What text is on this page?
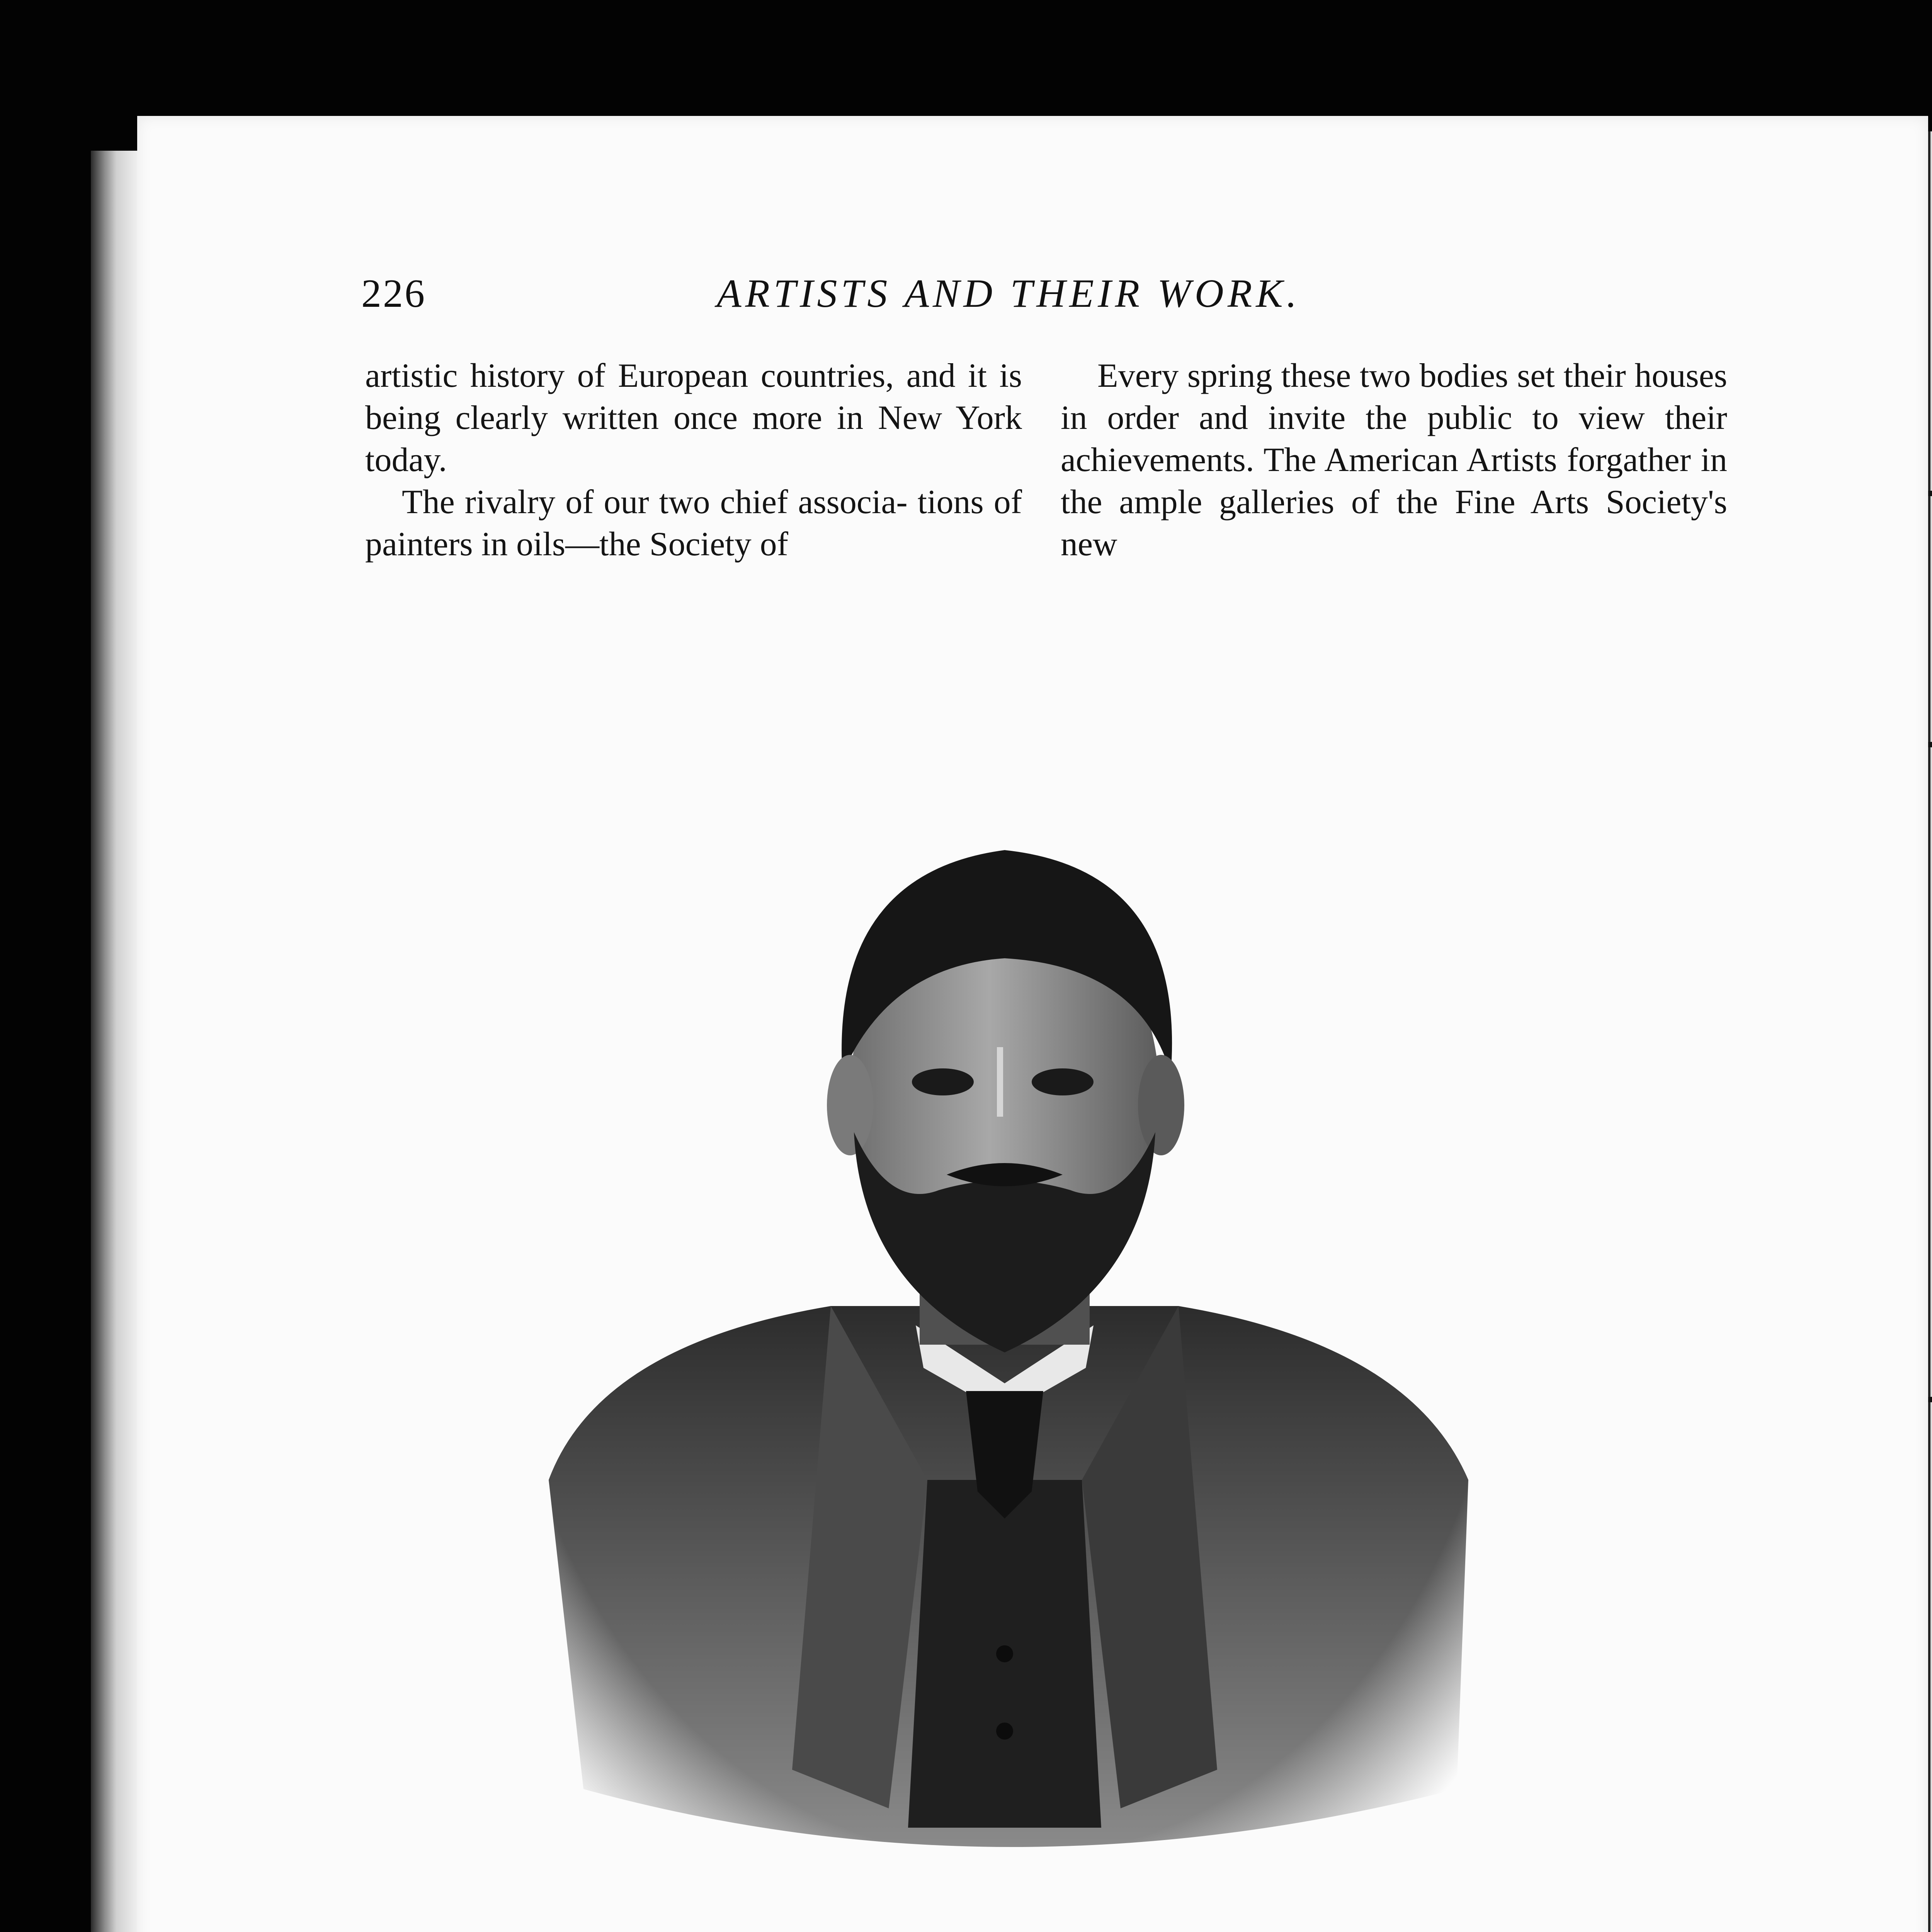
226	ARTISTS AND THEIR WORK.

artistic history of European countries, and it is being clearly written once more in New York today.

The rivalry of our two chief associa- tions of painters in oils—the Society of

Every spring these two bodies set their houses in order and invite the public to view their achievements. The American Artists forgather in the ample galleries of the Fine Arts Society's new
